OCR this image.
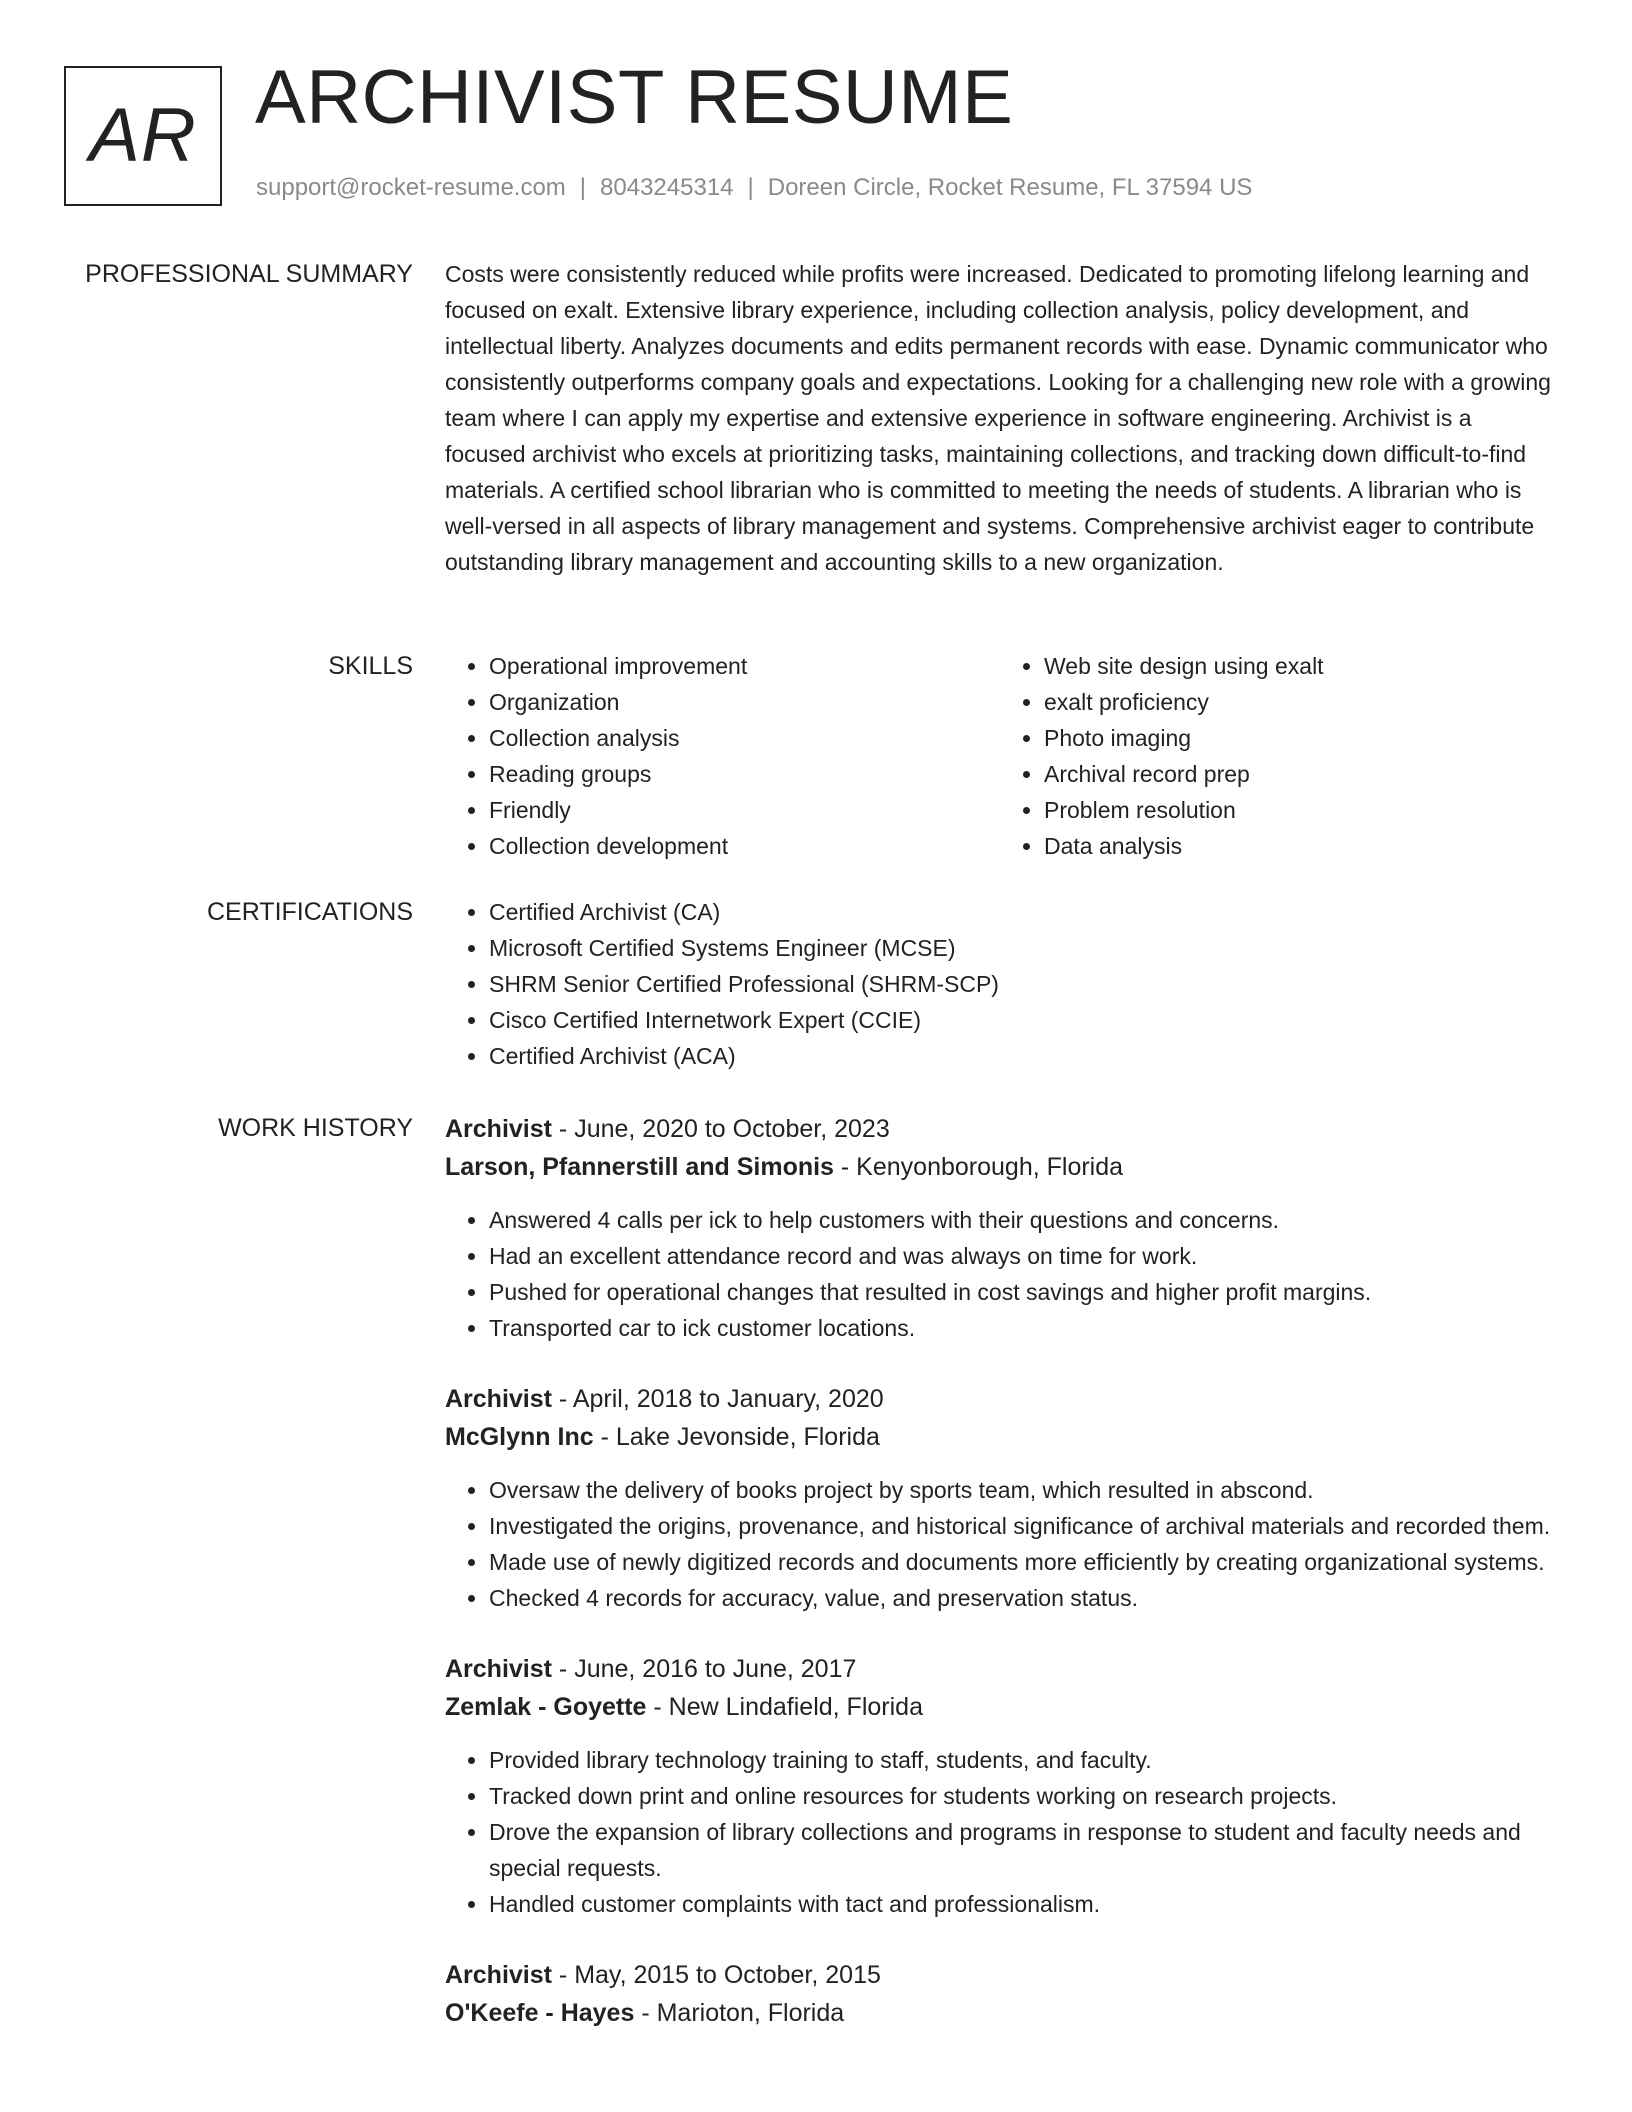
AR ARCHIVIST RESUME
support@rocket-resume.com | 8043245314 | Doreen Circle, Rocket Resume, FL 37594 US
PROFESSIONAL SUMMARY Costs were consistently reduced while profits were increased. Dedicated to promoting lifelong learning and focused on exalt. Extensive library experience, including collection analysis, policy development, and intellectual liberty. Analyzes documents and edits permanent records with ease. Dynamic communicator who consistently outperforms company goals and expectations. Looking for a challenging new role with a growing team where I can apply my expertise and extensive experience in software engineering. Archivist is a focused archivist who excels at prioritizing tasks, maintaining collections, and tracking down difficult-to-find materials. A certified school librarian who is committed to meeting the needs of students. A librarian who is well-versed in all aspects of library management and systems. Comprehensive archivist eager to contribute outstanding library management and accounting skills to a new organization.

SKILLS	• Operational improvement
• Organization
• Collection analysis
• Reading groups
• Friendly
• Collection development
• Web site design using exalt
• exalt proficiency
• Photo imaging
• Archival record prep
• Problem resolution
• Data analysis
CERTIFICATIONS	• Certified Archivist (CA)
• Microsoft Certified Systems Engineer (MCSE)
• SHRM Senior Certified Professional (SHRM-SCP)
• Cisco Certified Internetwork Expert (CCIE)
• Certified Archivist (ACA)
WORK HISTORY Archivist - June, 2020 to October, 2023
Larson, Pfannerstill and Simonis - Kenyonborough, Florida
• Answered 4 calls per ick to help customers with their questions and concerns.
• Had an excellent attendance record and was always on time for work.
• Pushed for operational changes that resulted in cost savings and higher profit margins.
• Transported car to ick customer locations.
Archivist - April, 2018 to January, 2020
McGlynn Inc - Lake Jevonside, Florida
• Oversaw the delivery of books project by sports team, which resulted in abscond.
• Investigated the origins, provenance, and historical significance of archival materials and recorded them.
• Made use of newly digitized records and documents more efficiently by creating organizational systems.
• Checked 4 records for accuracy, value, and preservation status.
Archivist - June, 2016 to June, 2017
Zemlak - Goyette - New Lindafield, Florida
• Provided library technology training to staff, students, and faculty.
• Tracked down print and online resources for students working on research projects.
• Drove the expansion of library collections and programs in response to student and faculty needs and special requests.
• Handled customer complaints with tact and professionalism.
Archivist - May, 2015 to October, 2015
O'Keefe - Hayes - Marioton, Florida
